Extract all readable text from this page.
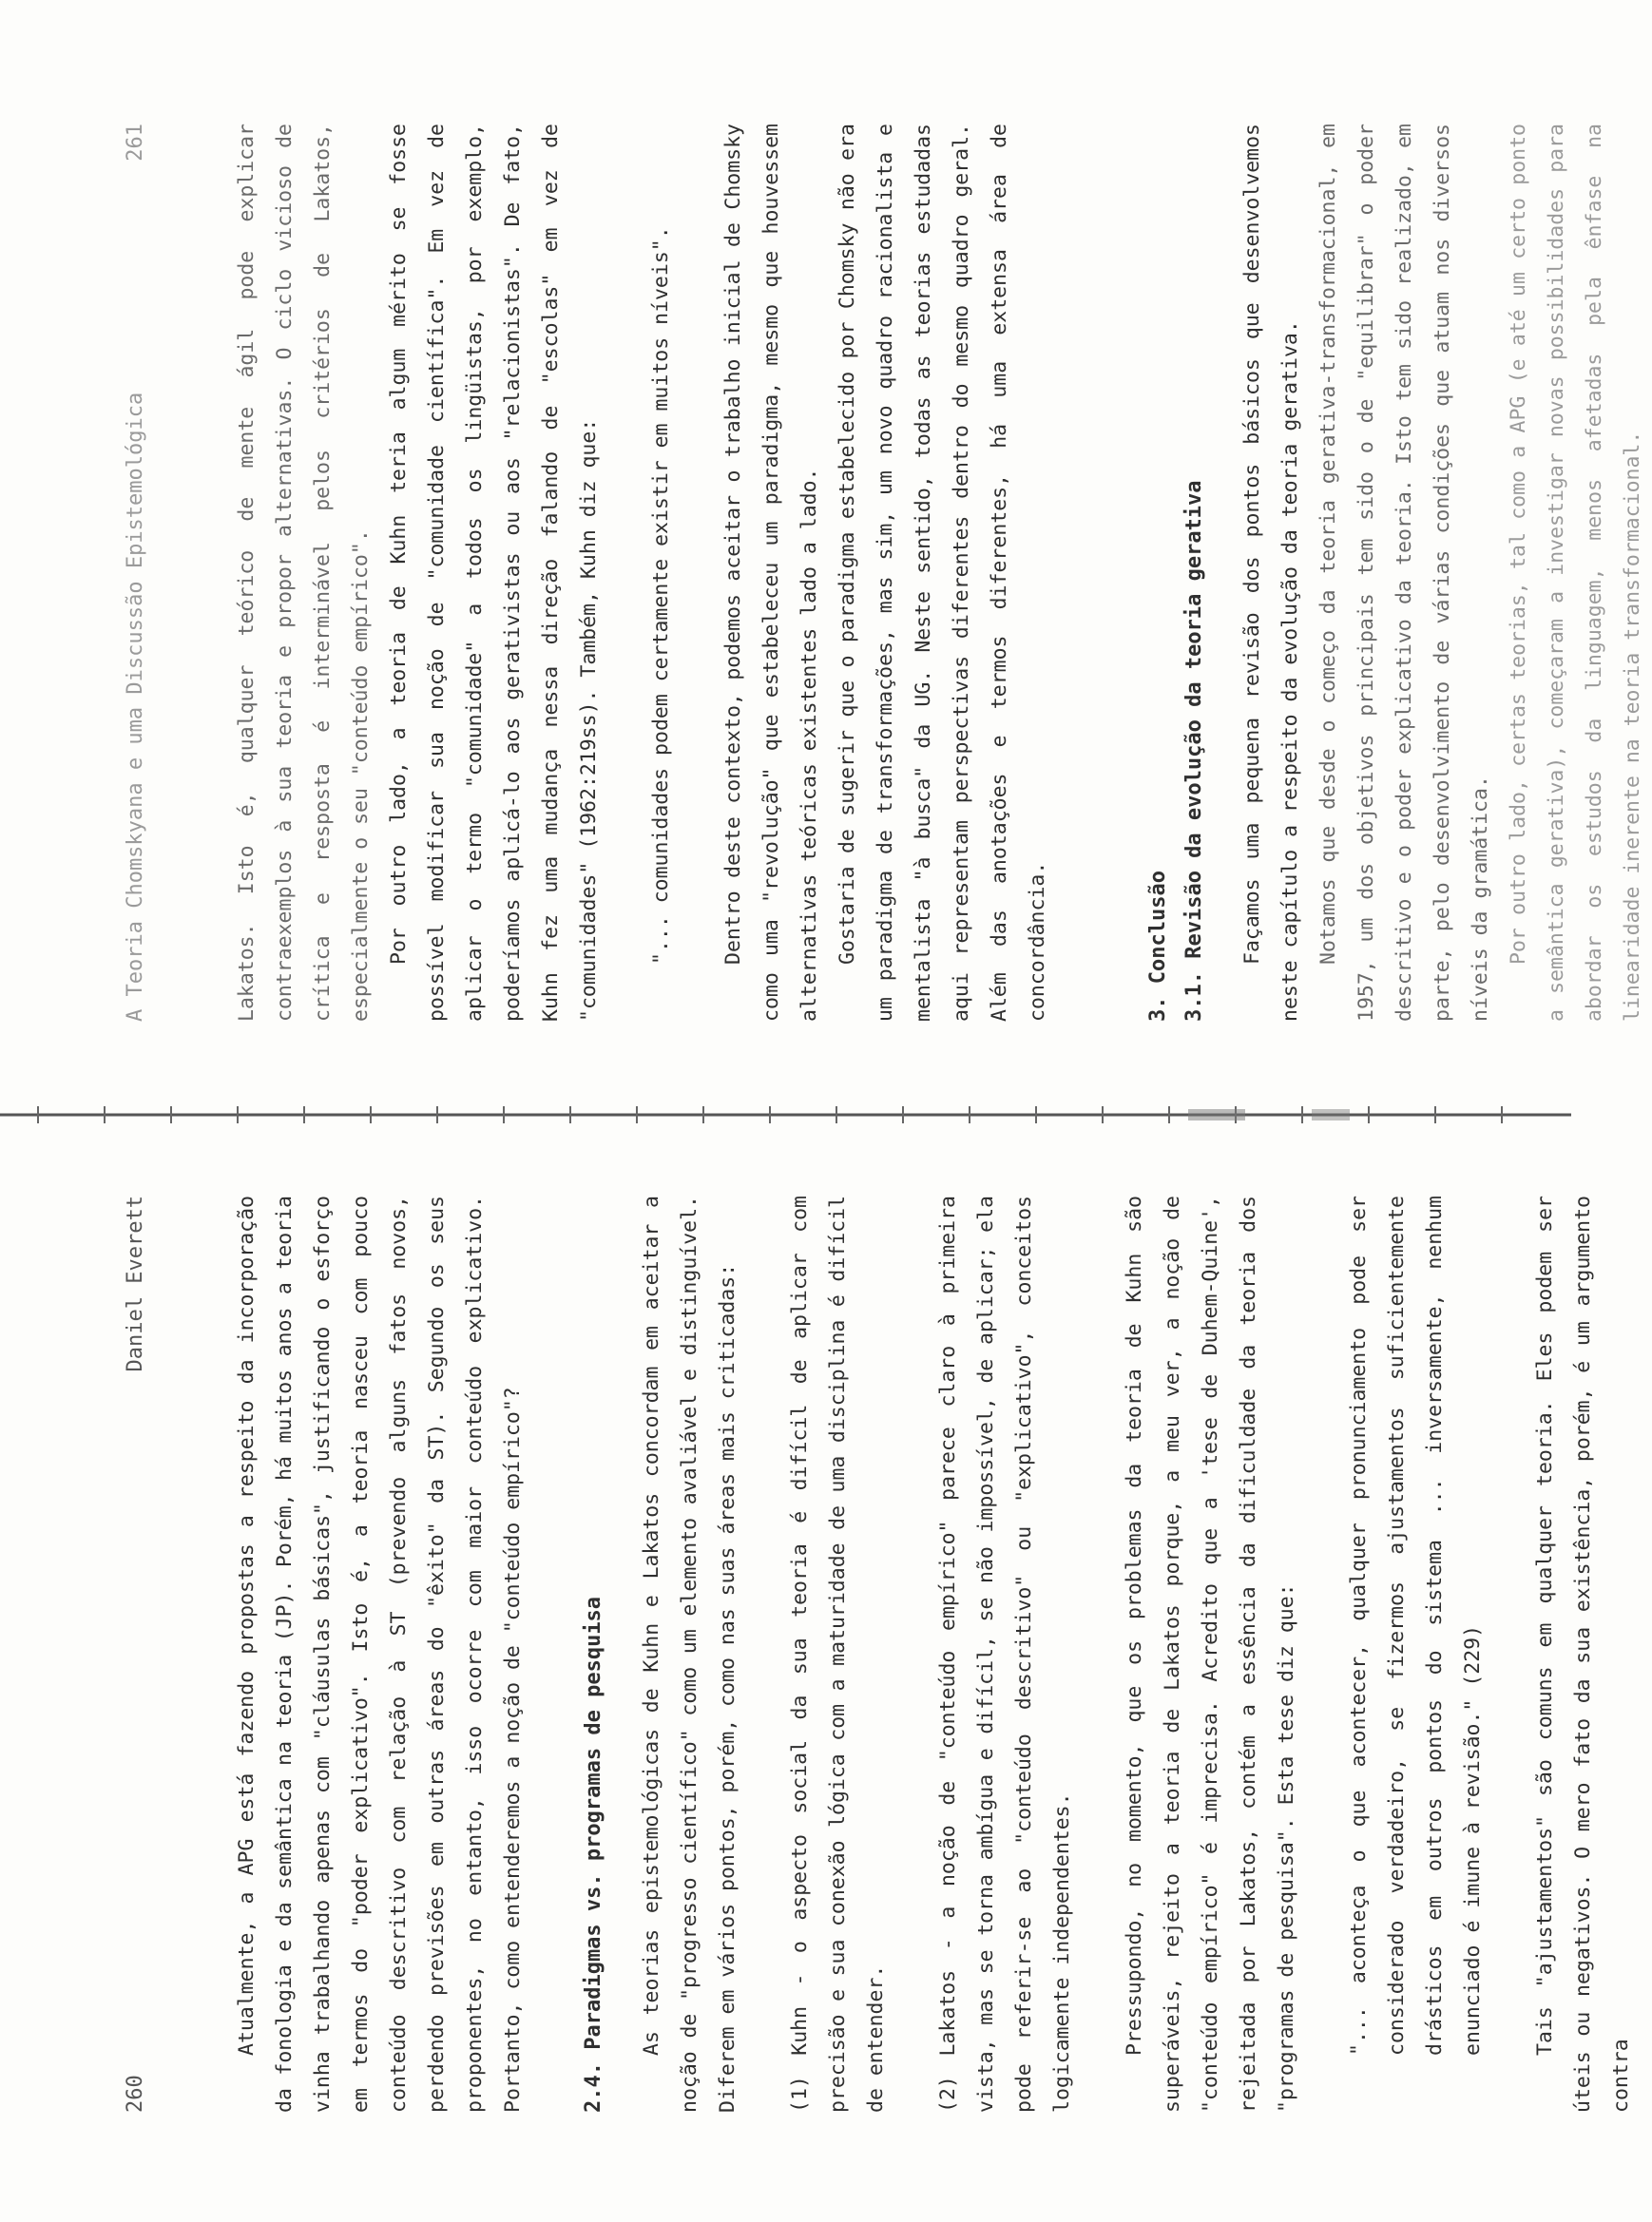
260
Daniel Everett	Atualmente, a APG está fazendo propostas a respeito da incorporação da fonologia e da semântica na teoria (JP). Porém, há muitos anos a teoria vinha trabalhando apenas com "cláusulas básicas", justificando o esforço em termos do "poder explicativo". Isto é, a teoria nasceu com pouco conteúdo descritivo com relação à ST (prevendo alguns fatos novos, perdendo previsões em outras áreas do "êxito" da ST). Segundo os seus proponentes, no entanto, isso ocorre com maior conteúdo explicativo. Portanto, como entenderemos a noção de "conteúdo empírico"?	2.4. Paradigmas vs. programas de pesquisa	As teorias epistemológicas de Kuhn e Lakatos concordam em aceitar a noção de "progresso científico" como um elemento avaliável e distinguível. Diferem em vários pontos, porém, como nas suas áreas mais criticadas:	(1) Kuhn - o aspecto social da sua teoria é difícil de aplicar com precisão e sua conexão lógica com a maturidade de uma disciplina é difícil de entender.	(2) Lakatos - a noção de "conteúdo empírico" parece claro à primeira vista, mas se torna ambígua e difícil, se não impossível, de aplicar; ela pode referir-se ao "conteúdo descritivo" ou "explicativo", conceitos logicamente independentes.	Pressupondo, no momento, que os problemas da teoria de Kuhn são superáveis, rejeito a teoria de Lakatos porque, a meu ver, a noção de "conteúdo empírico" é imprecisa. Acredito que a 'tese de Duhem-Quine', rejeitada por Lakatos, contém a essência da dificuldade da teoria dos "programas de pesquisa". Esta tese diz que:	"... aconteça o que acontecer, qualquer pronunciamento pode ser considerado verdadeiro, se fizermos ajustamentos suficientemente drásticos em outros pontos do sistema ... inversamente, nenhum enunciado é imune à revisão." (229)	Tais "ajustamentos" são comuns em qualquer teoria. Eles podem ser úteis ou negativos. O mero fato da sua existência, porém, é um argumento contra

A Teoria Chomskyana e uma Discussão Epistemológica
261	Lakatos. Isto é, qualquer teórico de mente ágil pode explicar contraexemplos à sua teoria e propor alternativas. O ciclo vicioso de crítica e resposta é interminável pelos critérios de Lakatos, especialmente o seu "conteúdo empírico". Por outro lado, a teoria de Kuhn teria algum mérito se fosse possível modificar sua noção de "comunidade científica". Em vez de aplicar o termo "comunidade" a todos os lingüistas, por exemplo, poderíamos aplicá-lo aos gerativistas ou aos "relacionistas". De fato, Kuhn fez uma mudança nessa direção falando de "escolas" em vez de "comunidades" (1962:219ss). Também, Kuhn diz que:	"... comunidades podem certamente existir em muitos níveis".	Dentro deste contexto, podemos aceitar o trabalho inicial de Chomsky como uma "revolução" que estabeleceu um paradigma, mesmo que houvessem alternativas teóricas existentes lado a lado. Gostaria de sugerir que o paradigma estabelecido por Chomsky não era um paradigma de transformações, mas sim, um novo quadro racionalista e mentalista "à busca" da UG. Neste sentido, todas as teorias estudadas aqui representam perspectivas diferentes dentro do mesmo quadro geral. Além das anotações e termos diferentes, há uma extensa área de concordância.	3. Conclusão 3.1. Revisão da evolução da teoria gerativa	Façamos uma pequena revisão dos pontos básicos que desenvolvemos neste capítulo a respeito da evolução da teoria gerativa. Notamos que desde o começo da teoria gerativa-transformacional, em 1957, um dos objetivos principais tem sido o de "equilibrar" o poder descritivo e o poder explicativo da teoria. Isto tem sido realizado, em parte, pelo desenvolvimento de várias condições que atuam nos diversos níveis da gramática. Por outro lado, certas teorias, tal como a APG (e até um certo ponto a semântica gerativa), começaram a investigar novas possibilidades para abordar os estudos da linguagem, menos afetadas pela ênfase na linearidade inerente na teoria transformacional.
